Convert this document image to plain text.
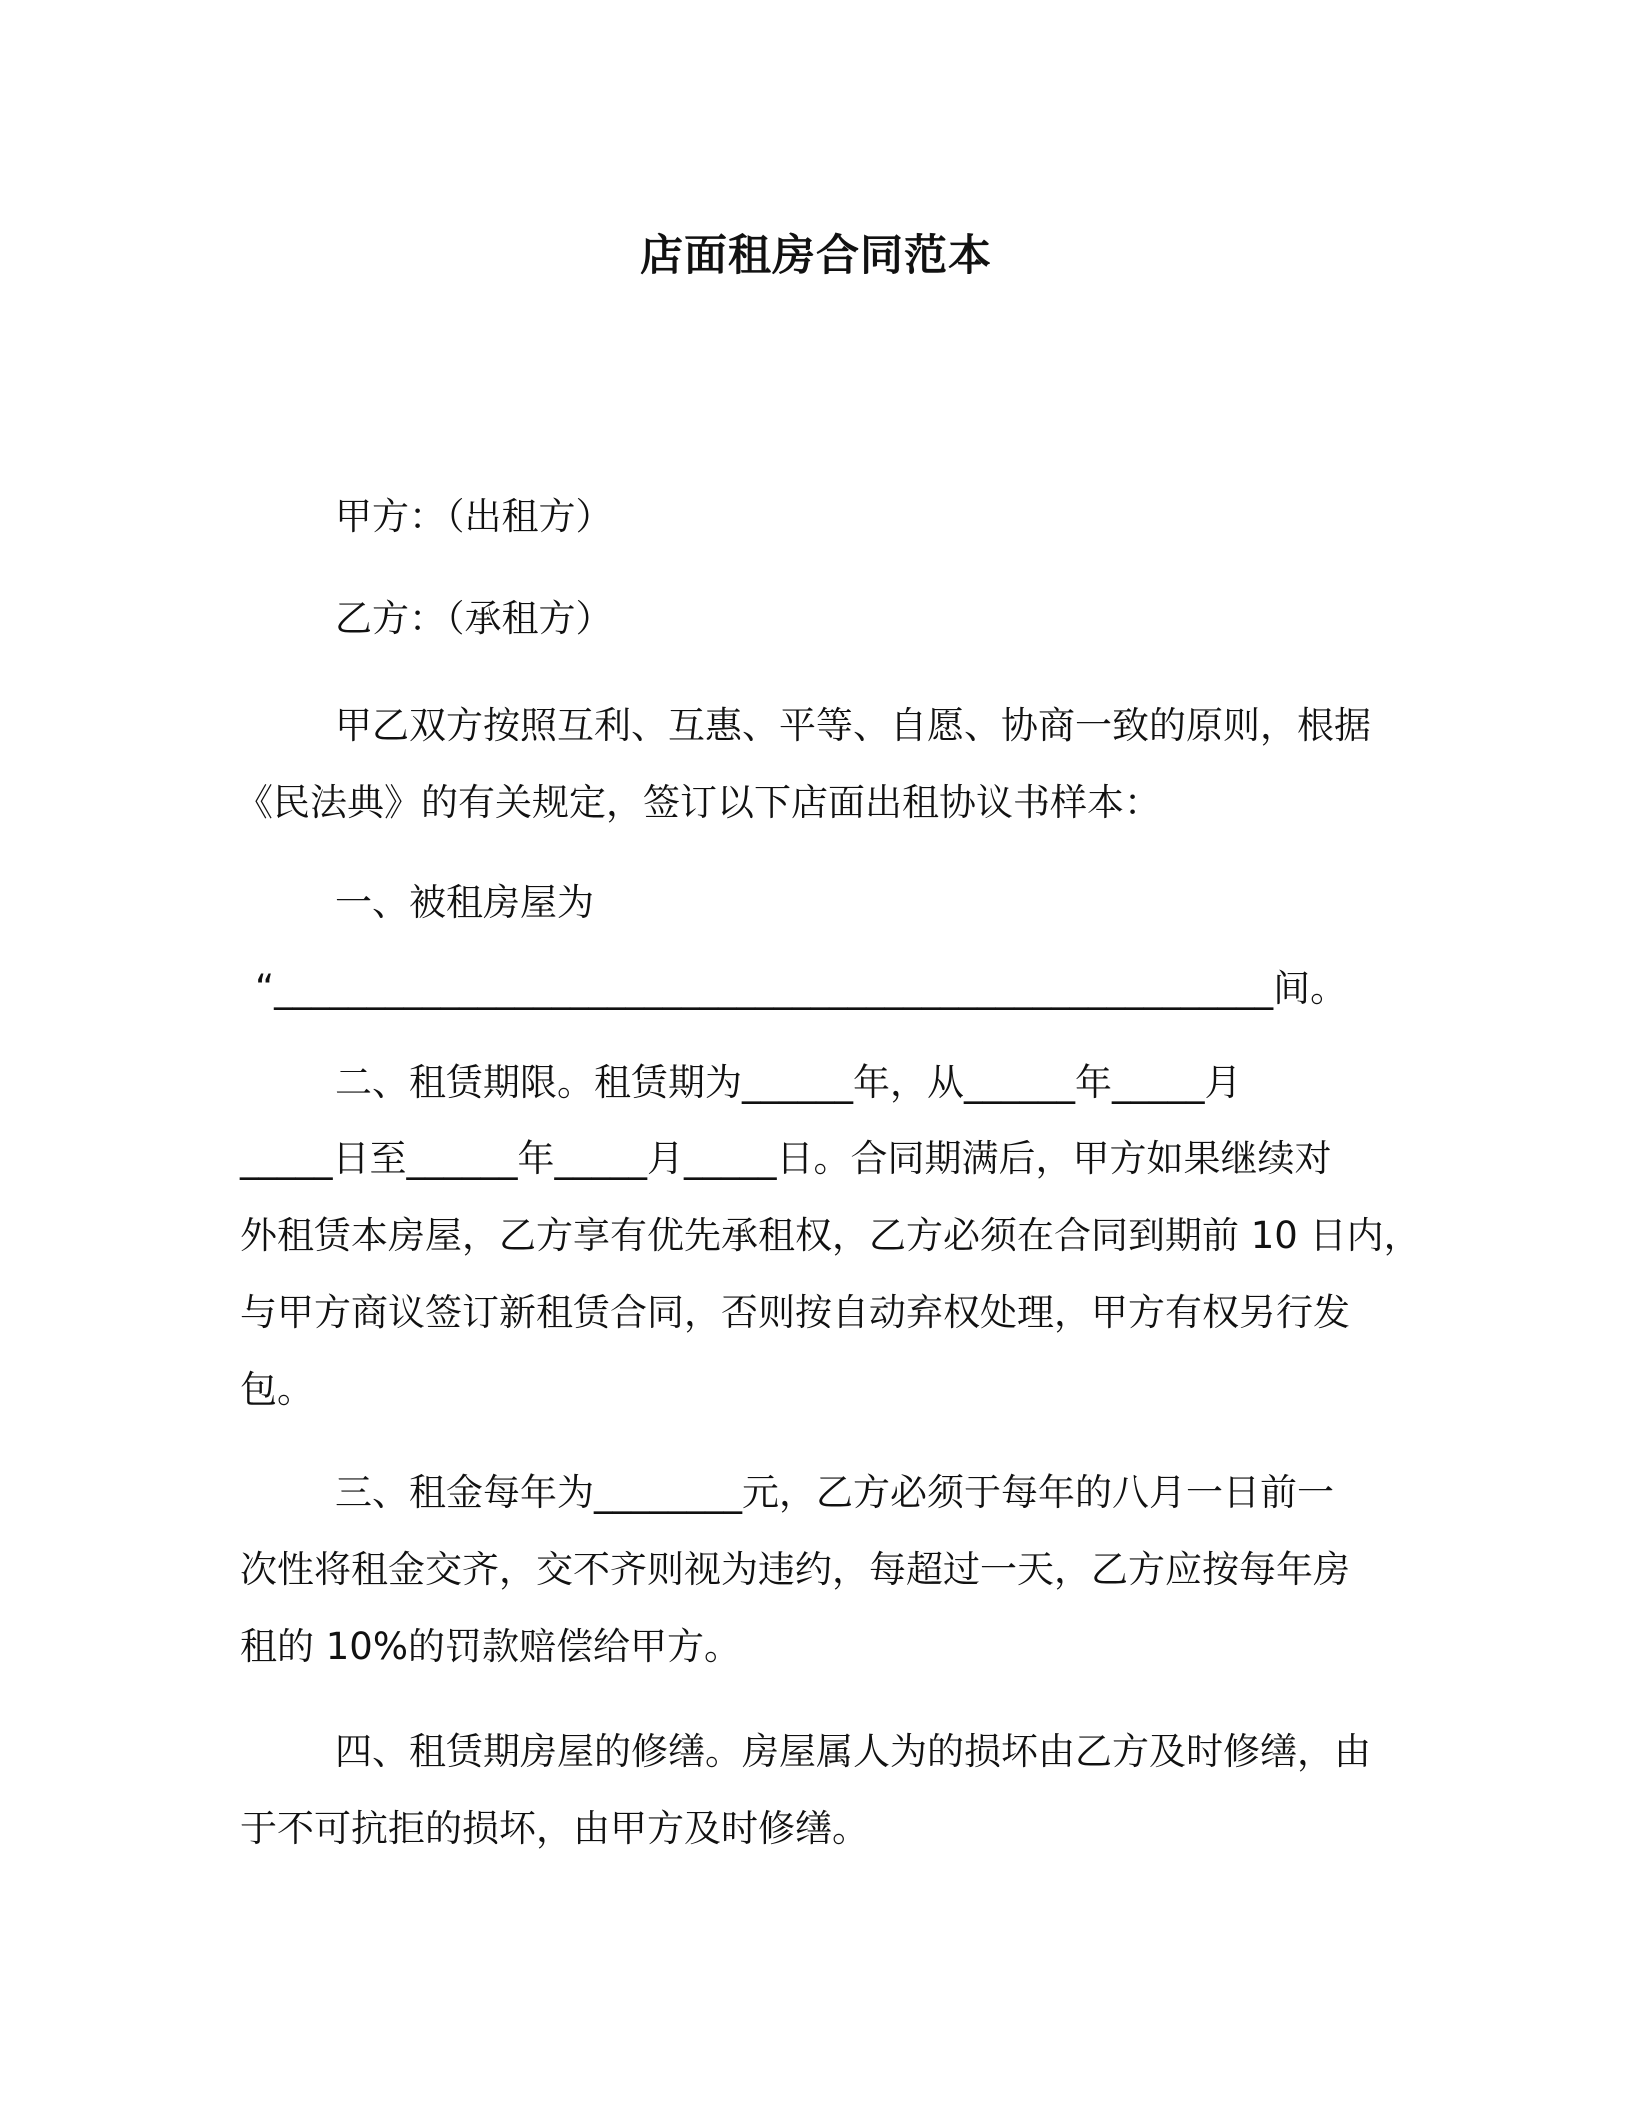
店面租房合同范本
甲方：（出租方）
乙方：（承租方）
甲乙双方按照互利、互惠、平等、自愿、协商一致的原则，根据
《民法典》的有关规定，签订以下店面出租协议书样本：
一、被租房屋为
“______________________________________________________间。
二、租赁期限。租赁期为______年，从______年_____月
_____日至______年_____月_____日。合同期满后，甲方如果继续对
外租赁本房屋，乙方享有优先承租权，乙方必须在合同到期前 10 日内，
与甲方商议签订新租赁合同，否则按自动弃权处理，甲方有权另行发
包。
三、租金每年为________元，乙方必须于每年的八月一日前一
次性将租金交齐，交不齐则视为违约，每超过一天，乙方应按每年房
租的 10%的罚款赔偿给甲方。
四、租赁期房屋的修缮。房屋属人为的损坏由乙方及时修缮，由
于不可抗拒的损坏，由甲方及时修缮。
